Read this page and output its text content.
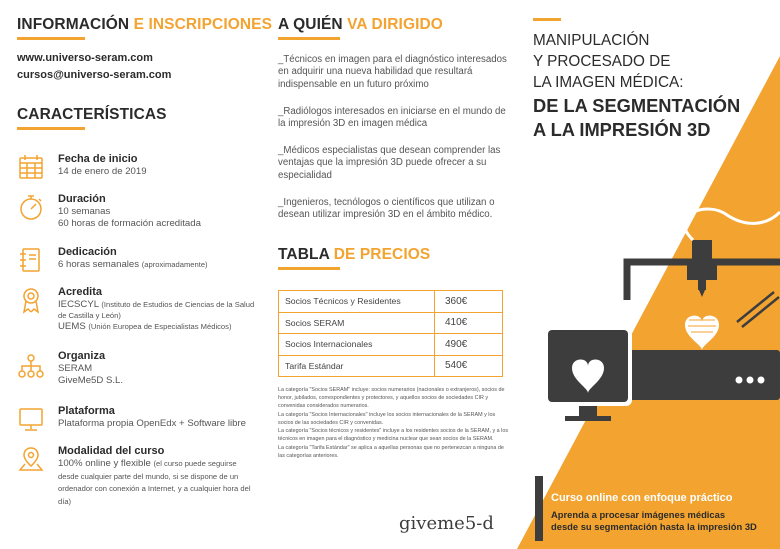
INFORMACIÓN E INSCRIPCIONES
www.universo-seram.com
cursos@universo-seram.com
CARACTERÍSTICAS
Fecha de inicio
14 de enero de 2019
Duración
10 semanas
60 horas de formación acreditada
Dedicación
6 horas semanales (aproximadamente)
Acredita
IECSCYL (Instituto de Estudios de Ciencias de la Salud de Castilla y León)
UEMS (Unión Europea de Especialistas Médicos)
Organiza
SERAM
GiveMe5D S.L.
Plataforma
Plataforma propia OpenEdx + Software libre
Modalidad del curso
100% online y flexible (el curso puede seguirse desde cualquier parte del mundo, si se dispone de un ordenador con conexión a Internet, y a cualquier hora del día)
A QUIÉN VA DIRIGIDO
_Técnicos en imagen para el diagnóstico interesados en adquirir una nueva habilidad que resultará indispensable en un futuro próximo
_Radiólogos interesados en iniciarse en el mundo de la impresión 3D en imagen médica
_Médicos especialistas que desean comprender las ventajas que la impresión 3D puede ofrecer a su especialidad
_Ingenieros, tecnólogos o científicos que utilizan o desean utilizar impresión 3D en el ámbito médico.
TABLA DE PRECIOS
Socios Técnicos y Residentes	360€
Socios SERAM	410€
Socios Internacionales	490€
Tarifa Estándar	540€

La categoría "Socios SERAM" incluye: socios numerarios (nacionales o extranjeros), socios de honor, jubilados, correspondientes y protectores, y aquellos socios de sociedades CIR y convenidas considerados numerarios.

La categoría "Socios Internacionales" incluye los socios internacionales de la SERAM y los socios de las sociedades CIR y convenidas.

La categoría "Socios técnicos y residentes" incluye a los residentes socios de la SERAM, y a los técnicos en imagen para el diagnóstico y medicina nuclear que sean socios de la SERAM.

La categoría "Tarifa Estándar" se aplica a aquellas personas que no pertenezcan a ninguna de las categorías anteriores.

seram
Sociedad Española de Radiología Médica	giveme5-d
MANIPULACIÓN
Y PROCESADO DE
LA IMAGEN MÉDICA:
DE LA SEGMENTACIÓN
A LA IMPRESIÓN 3D
Curso online con enfoque práctico
Aprenda a procesar imágenes médicas
desde su segmentación hasta la impresión 3D
